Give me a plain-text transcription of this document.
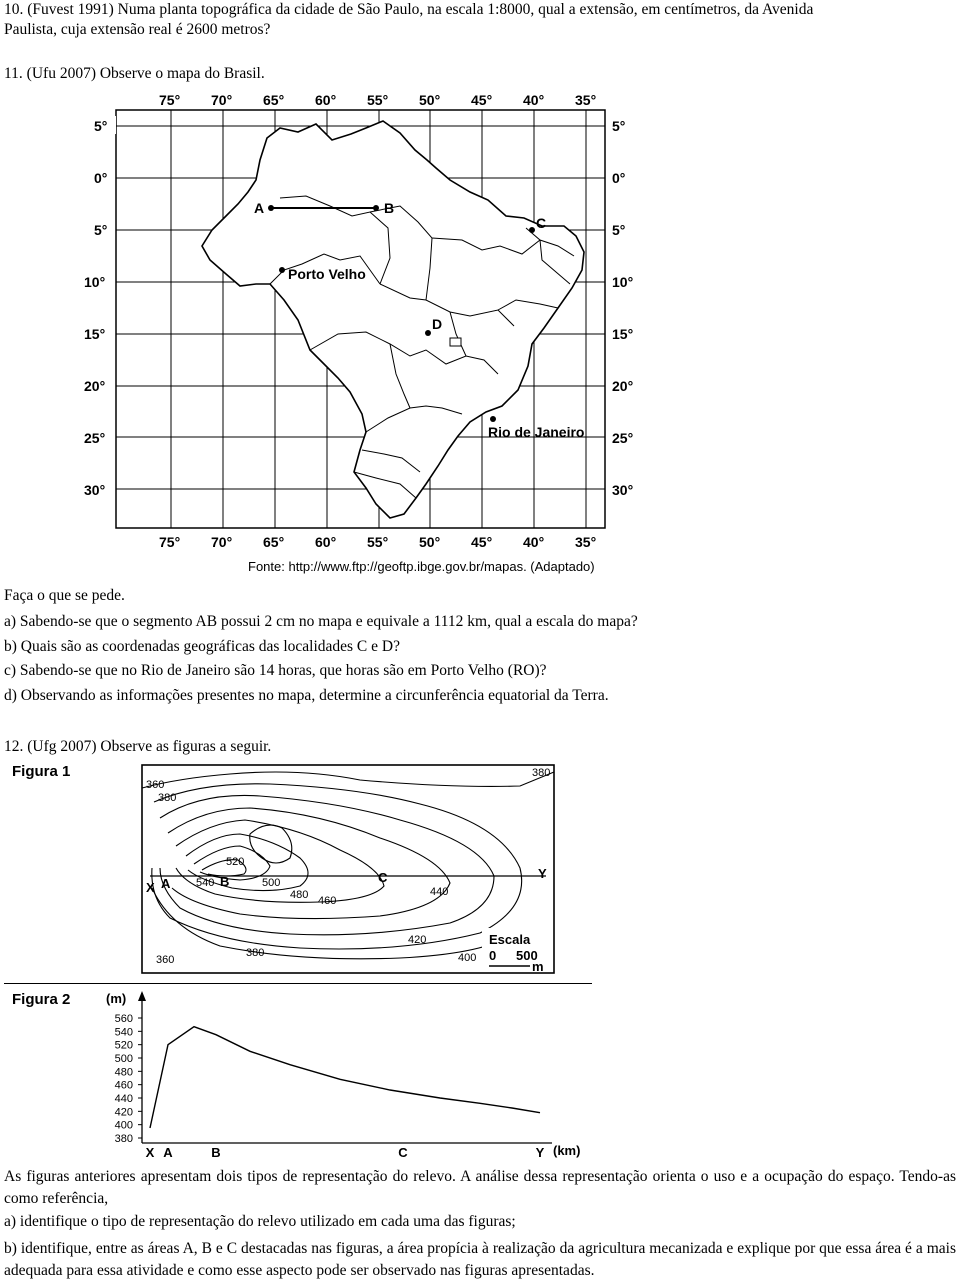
10. (Fuvest 1991) Numa planta topográfica da cidade de São Paulo, na escala 1:8000, qual a extensão, em centímetros, da Avenida
Paulista, cuja extensão real é 2600 metros?
11. (Ufu 2007) Observe o mapa do Brasil.
75° 70° 65° 60° 55° 50° 45° 40° 35°
5°
0°
5°
10°
15°
20°
25°
30°
5°
0°
5°
10°
15°
20°
25°
30°
A	B
C
D
Porto Velho
Rio de Janeiro
75° 70° 65° 60° 55° 50° 45° 40° 35°
Fonte: http://www.ftp://geoftp.ibge.gov.br/mapas. (Adaptado)
Faça o que se pede.
a) Sabendo-se que o segmento AB possui 2 cm no mapa e equivale a 1112 km, qual a escala do mapa?
b) Quais são as coordenadas geográficas das localidades C e D?
c) Sabendo-se que no Rio de Janeiro são 14 horas, que horas são em Porto Velho (RO)?
d) Observando as informações presentes no mapa, determine a circunferência equatorial da Terra.
12. (Ufg 2007) Observe as figuras a seguir.
Figura 1
360
380
380
520
540	500
480 460
440
420
380
360	400
X A	B	C	Y
Escala
0 500
m
Figura 2	(m)
380
400
420
440
460
480
500
520
540
560
X A	B	C	Y (km)
As figuras anteriores apresentam dois tipos de representação do relevo. A análise dessa representação orienta o uso e a ocupação do espaço. Tendo-as como referência,
a) identifique o tipo de representação do relevo utilizado em cada uma das figuras;
b) identifique, entre as áreas A, B e C destacadas nas figuras, a área propícia à realização da agricultura mecanizada e explique por que essa área é a mais adequada para essa atividade e como esse aspecto pode ser observado nas figuras apresentadas.
